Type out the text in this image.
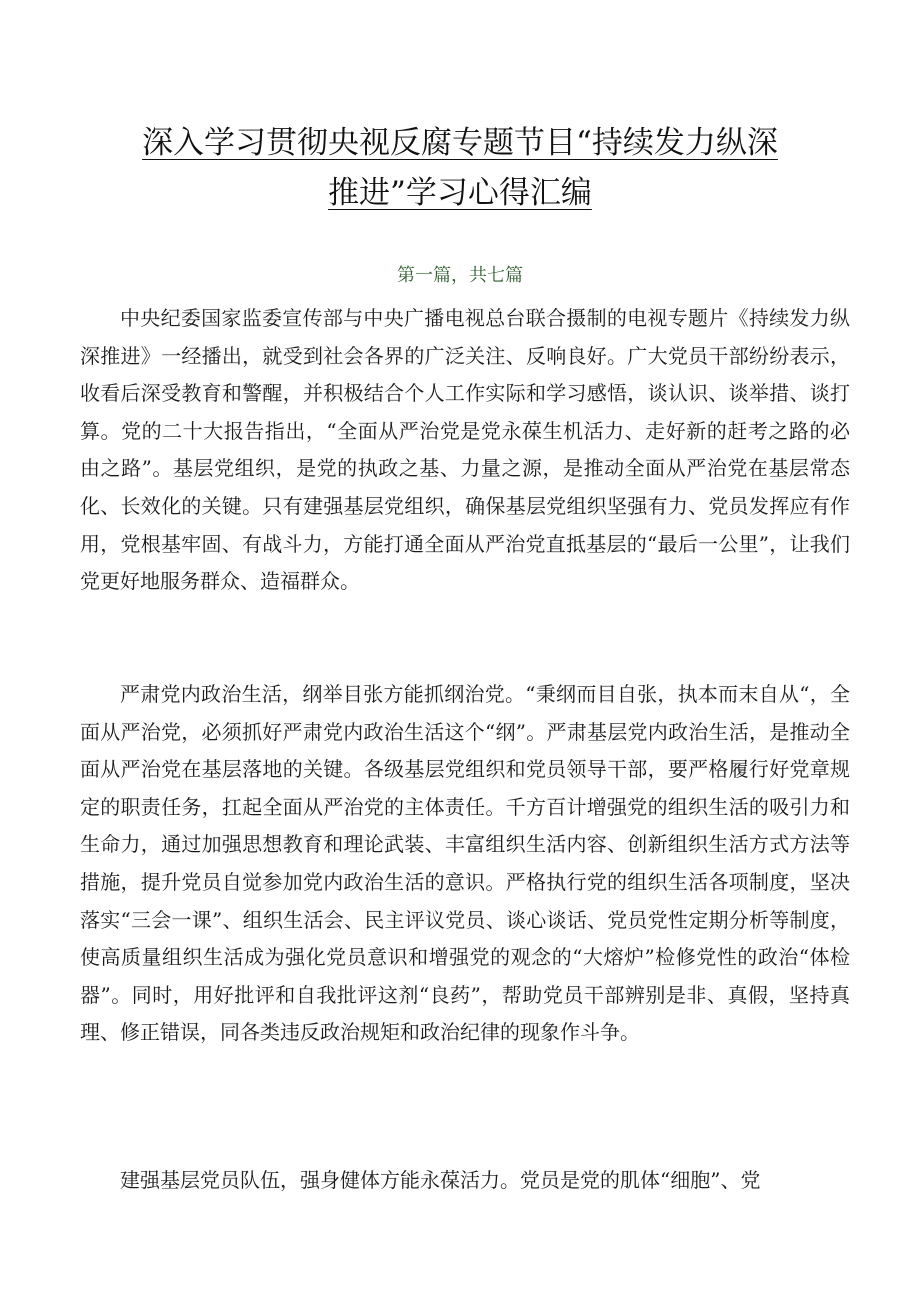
深入学习贯彻央视反腐专题节目“持续发力纵深
推进”学习心得汇编
第一篇，共七篇

中央纪委国家监委宣传部与中央广播电视总台联合摄制的电视专题片《持续发力纵深推进》一经播出，就受到社会各界的广泛关注、反响良好。广大党员干部纷纷表示，收看后深受教育和警醒，并积极结合个人工作实际和学习感悟，谈认识、谈举措、谈打算。党的二十大报告指出，“全面从严治党是党永葆生机活力、走好新的赶考之路的必由之路”。基层党组织，是党的执政之基、力量之源，是推动全面从严治党在基层常态化、长效化的关键。只有建强基层党组织，确保基层党组织坚强有力、党员发挥应有作用，党根基牢固、有战斗力，方能打通全面从严治党直抵基层的“最后一公里”，让我们党更好地服务群众、造福群众。

严肃党内政治生活，纲举目张方能抓纲治党。“秉纲而目自张，执本而末自从“，全面从严治党，必须抓好严肃党内政治生活这个“纲”。严肃基层党内政治生活，是推动全面从严治党在基层落地的关键。各级基层党组织和党员领导干部，要严格履行好党章规定的职责任务，扛起全面从严治党的主体责任。千方百计增强党的组织生活的吸引力和生命力，通过加强思想教育和理论武装、丰富组织生活内容、创新组织生活方式方法等措施，提升党员自觉参加党内政治生活的意识。严格执行党的组织生活各项制度，坚决落实“三会一课”、组织生活会、民主评议党员、谈心谈话、党员党性定期分析等制度，使高质量组织生活成为强化党员意识和增强党的观念的“大熔炉”检修党性的政治“体检器”。同时，用好批评和自我批评这剂“良药”，帮助党员干部辨别是非、真假，坚持真理、修正错误，同各类违反政治规矩和政治纪律的现象作斗争。

建强基层党员队伍，强身健体方能永葆活力。党员是党的肌体“细胞”、党
